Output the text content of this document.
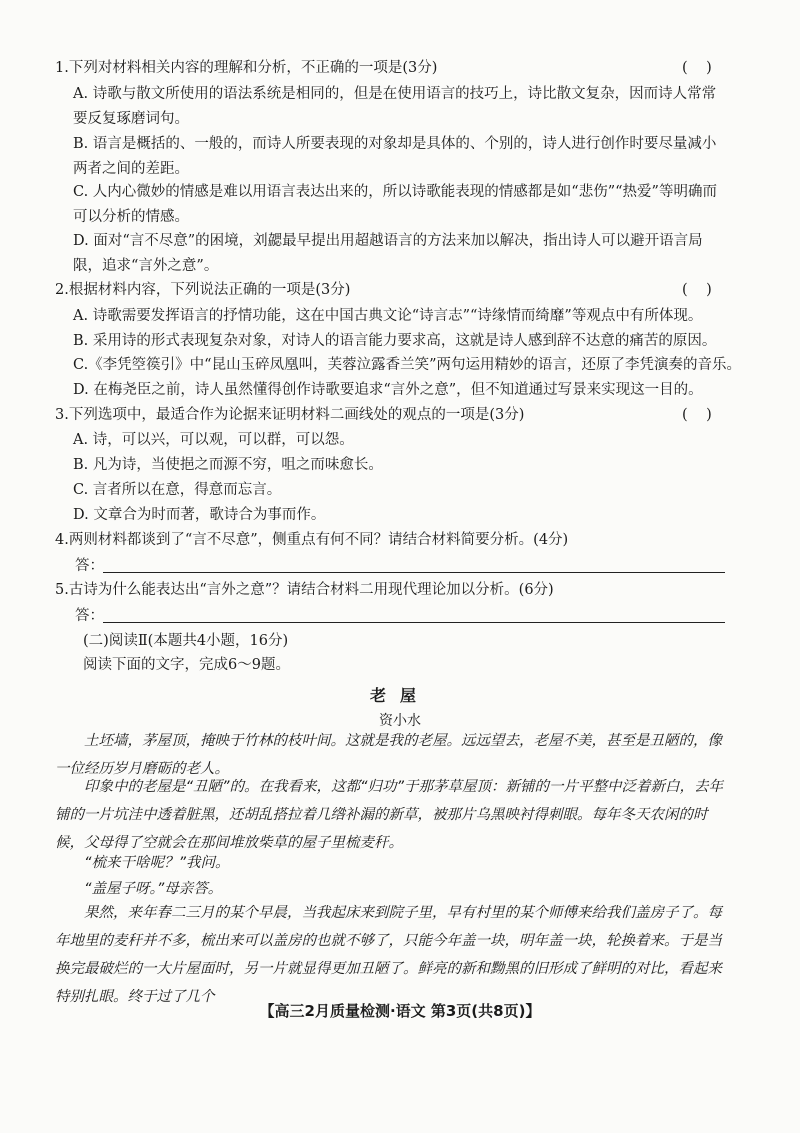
1.下列对材料相关内容的理解和分析，不正确的一项是(3分)	(    )
A. 诗歌与散文所使用的语法系统是相同的，但是在使用语言的技巧上，诗比散文复杂，因而诗人常常要反复琢磨词句。
B. 语言是概括的、一般的，而诗人所要表现的对象却是具体的、个别的，诗人进行创作时要尽量减小两者之间的差距。
C. 人内心微妙的情感是难以用语言表达出来的，所以诗歌能表现的情感都是如“悲伤”“热爱”等明确而可以分析的情感。
D. 面对“言不尽意”的困境，刘勰最早提出用超越语言的方法来加以解决，指出诗人可以避开语言局限，追求“言外之意”。
2.根据材料内容，下列说法正确的一项是(3分)	(    )
A. 诗歌需要发挥语言的抒情功能，这在中国古典文论“诗言志”“诗缘情而绮靡”等观点中有所体现。
B. 采用诗的形式表现复杂对象，对诗人的语言能力要求高，这就是诗人感到辞不达意的痛苦的原因。
C.《李凭箜篌引》中“昆山玉碎凤凰叫，芙蓉泣露香兰笑”两句运用精妙的语言，还原了李凭演奏的音乐。
D. 在梅尧臣之前，诗人虽然懂得创作诗歌要追求“言外之意”，但不知道通过写景来实现这一目的。
3.下列选项中，最适合作为论据来证明材料二画线处的观点的一项是(3分)	(    )
A. 诗，可以兴，可以观，可以群，可以怨。
B. 凡为诗，当使挹之而源不穷，咀之而味愈长。
C. 言者所以在意，得意而忘言。
D. 文章合为时而著，歌诗合为事而作。
4.两则材料都谈到了“言不尽意”，侧重点有何不同？请结合材料简要分析。(4分)
答：
5.古诗为什么能表达出“言外之意”？请结合材料二用现代理论加以分析。(6分)
答：
(二)阅读Ⅱ(本题共4小题，16分)
阅读下面的文字，完成6～9题。
老屋
资小水
土坯墙，茅屋顶，掩映于竹林的枝叶间。这就是我的老屋。远远望去，老屋不美，甚至是丑陋的，像一位经历岁月磨砺的老人。
印象中的老屋是“丑陋”的。在我看来，这都“归功”于那茅草屋顶：新铺的一片平整中泛着新白，去年铺的一片坑洼中透着脏黑，还胡乱搭拉着几绺补漏的新草，被那片乌黑映衬得刺眼。每年冬天农闲的时候，父母得了空就会在那间堆放柴草的屋子里梳麦秆。
“梳来干啥呢？”我问。
“盖屋子呀。”母亲答。
果然，来年春二三月的某个早晨，当我起床来到院子里，早有村里的某个师傅来给我们盖房子了。每年地里的麦秆并不多，梳出来可以盖房的也就不够了，只能今年盖一块，明年盖一块，轮换着来。于是当换完最破烂的一大片屋面时，另一片就显得更加丑陋了。鲜亮的新和黝黑的旧形成了鲜明的对比，看起来特别扎眼。终于过了几个
【高三2月质量检测·语文 第3页(共8页)】
